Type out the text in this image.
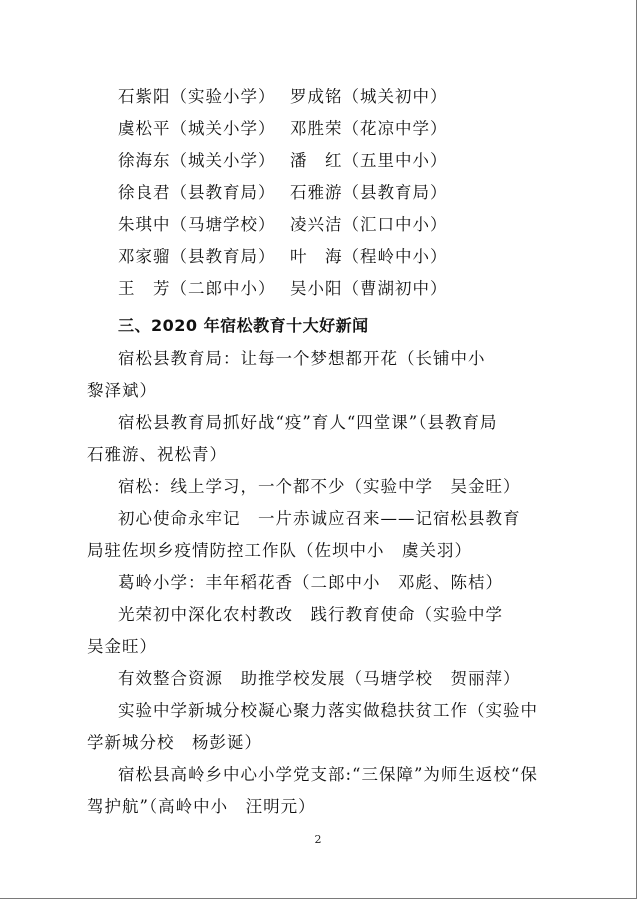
石紫阳（实验小学） 罗成铭（城关初中）
虞松平（城关小学） 邓胜荣（花凉中学）
徐海东（城关小学） 潘　红（五里中小）
徐良君（县教育局） 石雅游（县教育局）
朱琪中（马塘学校） 凌兴洁（汇口中小）
邓家骝（县教育局） 叶　海（程岭中小）
王　芳（二郎中小） 吴小阳（曹湖初中）
三、2020 年宿松教育十大好新闻
宿松县教育局：让每一个梦想都开花（长铺中小
黎泽斌）
宿松县教育局抓好战“疫”育人“四堂课”（县教育局
石雅游、祝松青）
宿松：线上学习，一个都不少（实验中学　吴金旺）
初心使命永牢记　一片赤诚应召来——记宿松县教育
局驻佐坝乡疫情防控工作队（佐坝中小　虞关羽）
葛岭小学：丰年稻花香（二郎中小　邓彪、陈桔）
光荣初中深化农村教改　践行教育使命（实验中学
吴金旺）
有效整合资源　助推学校发展（马塘学校　贺丽萍）
实验中学新城分校凝心聚力落实做稳扶贫工作（实验中
学新城分校　杨彭诞）
宿松县高岭乡中心小学党支部:“三保障”为师生返校“保
驾护航”（高岭中小　汪明元）
2
